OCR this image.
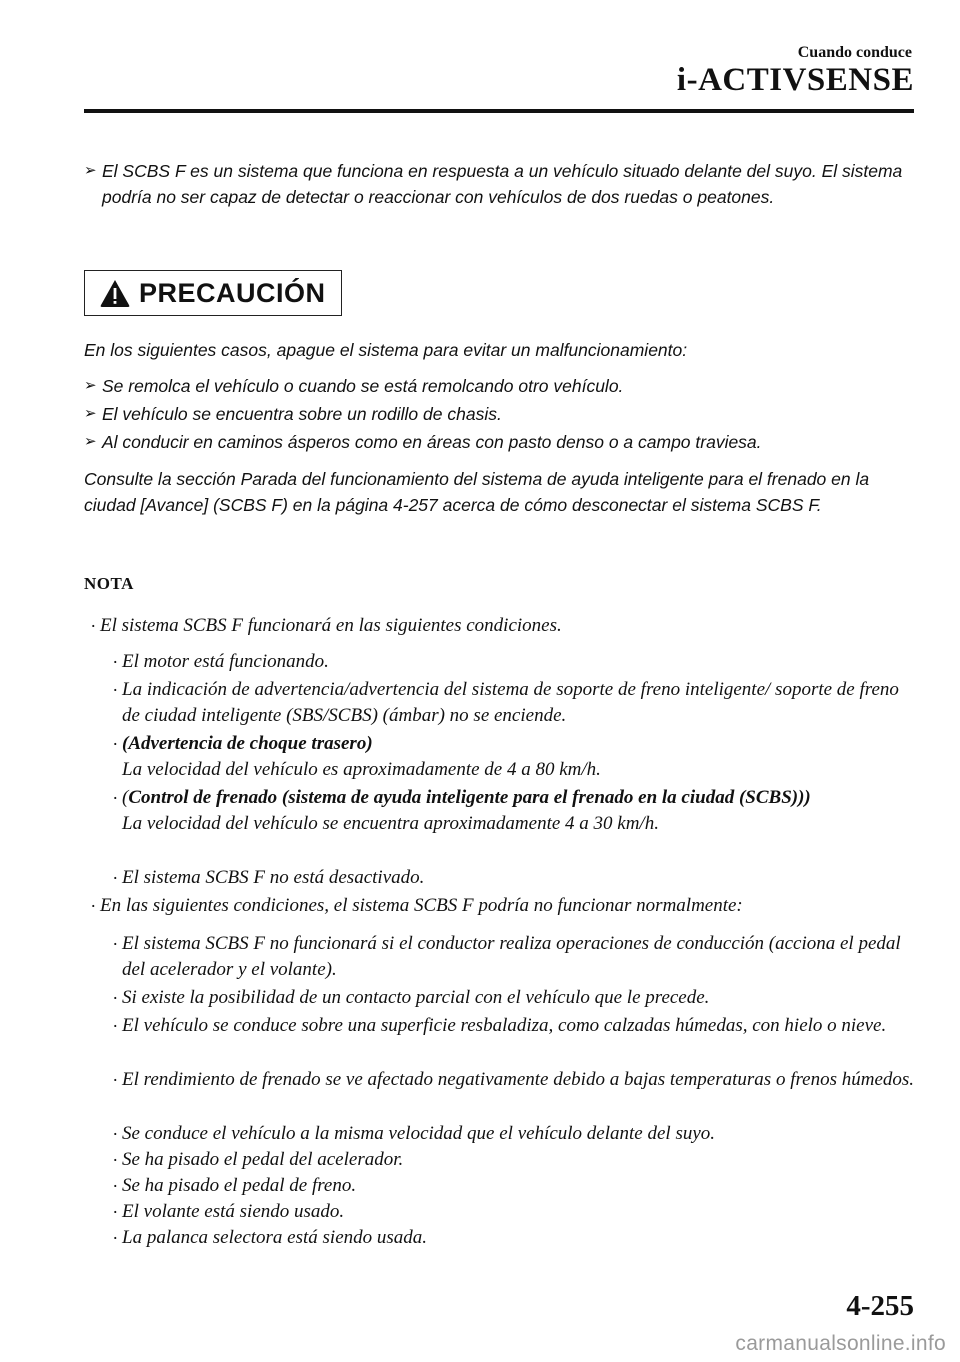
Cuando conduce
i-ACTIVSENSE
➢ El SCBS F es un sistema que funciona en respuesta a un vehículo situado delante del suyo. El sistema podría no ser capaz de detectar o reaccionar con vehículos de dos ruedas o peatones.
PRECAUCIÓN
En los siguientes casos, apague el sistema para evitar un malfuncionamiento:
➢ Se remolca el vehículo o cuando se está remolcando otro vehículo.
➢ El vehículo se encuentra sobre un rodillo de chasis.
➢ Al conducir en caminos ásperos como en áreas con pasto denso o a campo traviesa.
Consulte la sección Parada del funcionamiento del sistema de ayuda inteligente para el frenado en la ciudad [Avance] (SCBS F) en la página 4-257 acerca de cómo desconectar el sistema SCBS F.
NOTA
· El sistema SCBS F funcionará en las siguientes condiciones.
· El motor está funcionando.
· La indicación de advertencia/advertencia del sistema de soporte de freno inteligente/ soporte de freno de ciudad inteligente (SBS/SCBS) (ámbar) no se enciende.
· (Advertencia de choque trasero)
La velocidad del vehículo es aproximadamente de 4 a 80 km/h.
· (Control de frenado (sistema de ayuda inteligente para el frenado en la ciudad (SCBS)))
La velocidad del vehículo se encuentra aproximadamente 4 a 30 km/h.
· El sistema SCBS F no está desactivado.
· En las siguientes condiciones, el sistema SCBS F podría no funcionar normalmente:
· El sistema SCBS F no funcionará si el conductor realiza operaciones de conducción (acciona el pedal del acelerador y el volante).
· Si existe la posibilidad de un contacto parcial con el vehículo que le precede.
· El vehículo se conduce sobre una superficie resbaladiza, como calzadas húmedas, con hielo o nieve.
· El rendimiento de frenado se ve afectado negativamente debido a bajas temperaturas o frenos húmedos.
· Se conduce el vehículo a la misma velocidad que el vehículo delante del suyo.
· Se ha pisado el pedal del acelerador.
· Se ha pisado el pedal de freno.
· El volante está siendo usado.
· La palanca selectora está siendo usada.
4-255
carmanualsonline.info
